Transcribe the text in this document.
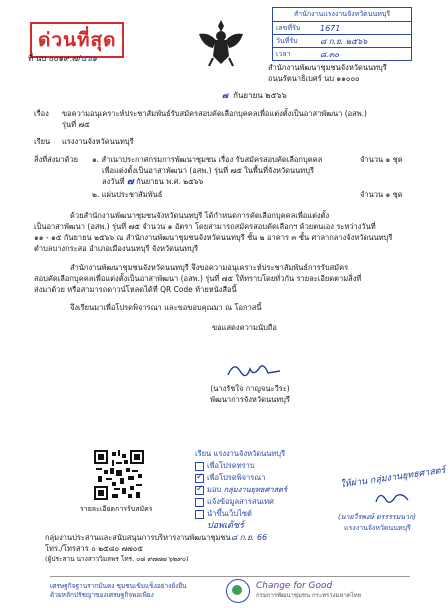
ด่วนที่สุด
ที่ นบ ๐๐๑๙.๗/๔๖๑
สำนักงานแรงงานจังหวัดนนทบุรี
เลขที่รับ	1671
วันที่รับ	๘ ก.ย. ๒๕๖๖
เวลา	๘.๓๐
สำนักงานพัฒนาชุมชนจังหวัดนนทบุรี
ถนนรัตนาธิเบศร์ นบ ๑๑๐๐๐
๗ กันยายน ๒๕๖๖
เรื่อง ขอความอนุเคราะห์ประชาสัมพันธ์รับสมัครสอบคัดเลือกบุคคลเพื่อแต่งตั้งเป็นอาสาพัฒนา (อสพ.)
รุ่นที่ ๗๕
เรียน แรงงานจังหวัดนนทบุรี
สิ่งที่ส่งมาด้วย ๑. สำเนาประกาศกรมการพัฒนาชุมชน เรื่อง รับสมัครสอบคัดเลือกบุคคล	จำนวน ๑ ชุด
เพื่อแต่งตั้งเป็นอาสาพัฒนา (อสพ.) รุ่นที่ ๗๕ ในพื้นที่จังหวัดนนทบุรี
ลงวันที่ ๗ กันยายน พ.ศ. ๒๕๖๖
๒. แผ่นประชาสัมพันธ์	จำนวน ๑ ชุด
ด้วยสำนักงานพัฒนาชุมชนจังหวัดนนทบุรี ได้กำหนดการคัดเลือกบุคคลเพื่อแต่งตั้ง
เป็นอาสาพัฒนา (อสพ.) รุ่นที่ ๗๕ จำนวน ๑ อัตรา โดยสามารถสมัครสอบคัดเลือกฯ ด้วยตนเอง ระหว่างวันที่
๑๑ - ๑๕ กันยายน ๒๕๖๖ ณ สำนักงานพัฒนาชุมชนจังหวัดนนทบุรี ชั้น ๒ อาคาร ๓ ชั้น ศาลากลางจังหวัดนนทบุรี
ตำบลบางกระสอ อำเภอเมืองนนทบุรี จังหวัดนนทบุรี
สำนักงานพัฒนาชุมชนจังหวัดนนทบุรี จึงขอความอนุเคราะห์ประชาสัมพันธ์การรับสมัคร
สอบคัดเลือกบุคคลเพื่อแต่งตั้งเป็นอาสาพัฒนา (อสพ.) รุ่นที่ ๗๕ ให้ทราบโดยทั่วกัน รายละเอียดตามสิ่งที่
ส่งมาด้วย หรือสามารถดาวน์โหลดได้ที่ QR Code ท้ายหนังสือนี้
จึงเรียนมาเพื่อโปรดพิจารณา และขอขอบคุณมา ณ โอกาสนี้
ขอแสดงความนับถือ
(นางรัชใจ กาญจนะวีระ)
พัฒนาการจังหวัดนนทบุรี
รายละเอียดการรับสมัคร
เรียน แรงงานจังหวัดนนทบุรี
เพื่อโปรดทราบ
✓เพื่อโปรดพิจารณา
✓มอบ กลุ่มงานยุทธศาสตร์
แจ้งข้อมูลสารสนเทศ
นำขึ้นเว็บไซต์
ปอพเด้ชร์
๘ ก.ย. 66
ให้ผ่าน กลุ่มงานยุทธศาสตร์
(นายวีรพงษ์ ตรรรรมนาก)
แรงงานจังหวัดนนทบุรี
กลุ่มงานประสานและสนับสนุนการบริหารงานพัฒนาชุมชน
โทร./โทรสาร ๐ ๒๕๘๐ ๗๗๐๕
(ผู้ประสาน นางสาววิมลพร โทร. ๐๘ ๙๗๗๗ ๖๒๙๐)
เศรษฐกิจฐานรากมั่นคง ชุมชนเข้มแข็งอย่างยั่งยืน
ด้วยหลักปรัชญาของเศรษฐกิจพอเพียง
Change for Good
กรมการพัฒนาชุมชน กระทรวงมหาดไทย
